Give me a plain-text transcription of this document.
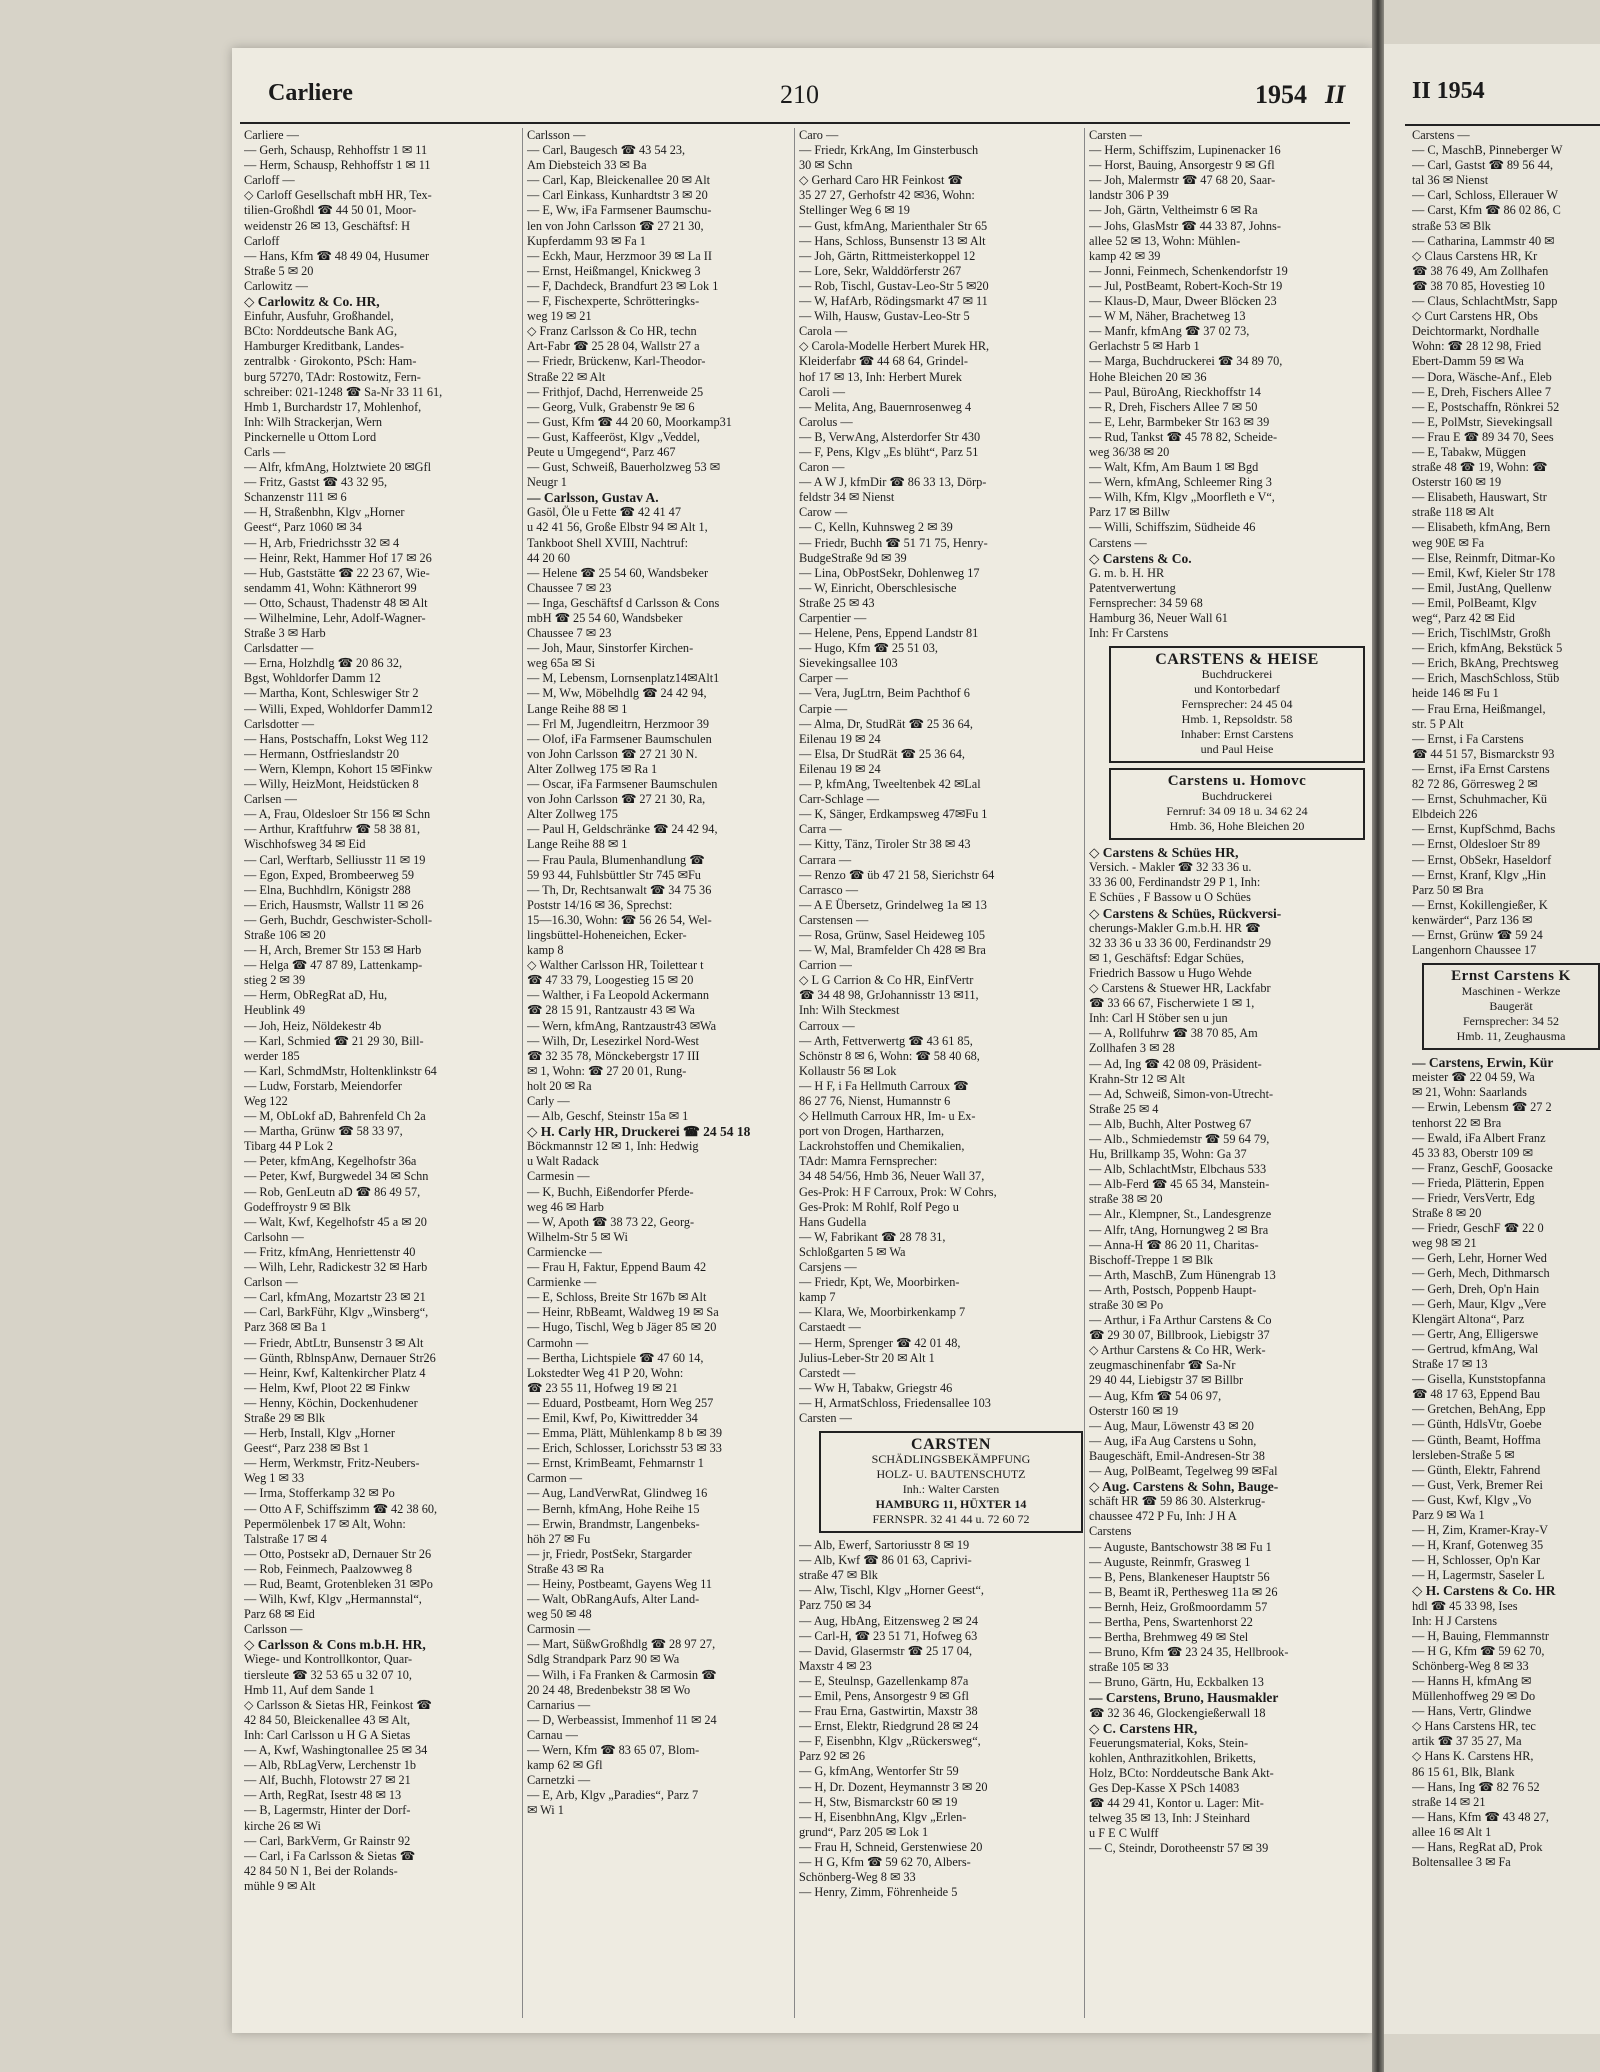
Carliere	210	1954 II	II 1954
Carliere —
— Gerh, Schausp, Rehhoffstr 1 ✉ 11
— Herm, Schausp, Rehhoffstr 1 ✉ 11
Carloff —
◇ Carloff Gesellschaft mbH HR, Tex-
tilien-Großhdl ☎ 44 50 01, Moor-
weidenstr 26 ✉ 13, Geschäftsf: H
Carloff
— Hans, Kfm ☎ 48 49 04, Husumer
Straße 5 ✉ 20
Carlowitz —
◇ Carlowitz & Co. HR,
Einfuhr, Ausfuhr, Großhandel,
BCto: Norddeutsche Bank AG,
Hamburger Kreditbank, Landes-
zentralbk · Girokonto, PSch: Ham-
burg 57270, TAdr: Rostowitz, Fern-
schreiber: 021-1248 ☎ Sa-Nr 33 11 61,
Hmb 1, Burchardstr 17, Mohlenhof,
Inh: Wilh Strackerjan, Wern
Pinckernelle u Ottom Lord
Carls —
— Alfr, kfmAng, Holztwiete 20 ✉Gfl
— Fritz, Gastst ☎ 43 32 95,
Schanzenstr 111 ✉ 6
— H, Straßenbhn, Klgv „Horner
Geest“, Parz 1060 ✉ 34
— H, Arb, Friedrichsstr 32 ✉ 4
— Heinr, Rekt, Hammer Hof 17 ✉ 26
— Hub, Gaststätte ☎ 22 23 67, Wie-
sendamm 41, Wohn: Käthnerort 99
— Otto, Schaust, Thadenstr 48 ✉ Alt
— Wilhelmine, Lehr, Adolf-Wagner-
Straße 3 ✉ Harb
Carlsdatter —
— Erna, Holzhdlg ☎ 20 86 32,
Bgst, Wohldorfer Damm 12
— Martha, Kont, Schleswiger Str 2
— Willi, Exped, Wohldorfer Damm12
Carlsdotter —
— Hans, Postschaffn, Lokst Weg 112
— Hermann, Ostfrieslandstr 20
— Wern, Klempn, Kohort 15 ✉Finkw
— Willy, HeizMont, Heidstücken 8
Carlsen —
— A, Frau, Oldesloer Str 156 ✉ Schn
— Arthur, Kraftfuhrw ☎ 58 38 81,
Wischhofsweg 34 ✉ Eid
— Carl, Werftarb, Selliusstr 11 ✉ 19
— Egon, Exped, Brombeerweg 59
— Elna, Buchhdlrn, Königstr 288
— Erich, Hausmstr, Wallstr 11 ✉ 26
— Gerh, Buchdr, Geschwister-Scholl-
Straße 106 ✉ 20
— H, Arch, Bremer Str 153 ✉ Harb
— Helga ☎ 47 87 89, Lattenkamp-
stieg 2 ✉ 39
— Herm, ObRegRat aD, Hu,
Heublink 49
— Joh, Heiz, Nöldekestr 4b
— Karl, Schmied ☎ 21 29 30, Bill-
werder 185
— Karl, SchmdMstr, Holtenklinkstr 64
— Ludw, Forstarb, Meiendorfer
Weg 122
— M, ObLokf aD, Bahrenfeld Ch 2a
— Martha, Grünw ☎ 58 33 97,
Tibarg 44 P Lok 2
— Peter, kfmAng, Kegelhofstr 36a
— Peter, Kwf, Burgwedel 34 ✉ Schn
— Rob, GenLeutn aD ☎ 86 49 57,
Godeffroystr 9 ✉ Blk
— Walt, Kwf, Kegelhofstr 45 a ✉ 20
Carlsohn —
— Fritz, kfmAng, Henriettenstr 40
— Wilh, Lehr, Radickestr 32 ✉ Harb
Carlson —
— Carl, kfmAng, Mozartstr 23 ✉ 21
— Carl, BarkFühr, Klgv „Winsberg“,
Parz 368 ✉ Ba 1
— Friedr, AbtLtr, Bunsenstr 3 ✉ Alt
— Günth, RblnspAnw, Dernauer Str26
— Heinr, Kwf, Kaltenkircher Platz 4
— Helm, Kwf, Ploot 22 ✉ Finkw
— Henny, Köchin, Dockenhudener
Straße 29 ✉ Blk
— Herb, Install, Klgv „Horner
Geest“, Parz 238 ✉ Bst 1
— Herm, Werkmstr, Fritz-Neubers-
Weg 1 ✉ 33
— Irma, Stofferkamp 32 ✉ Po
— Otto A F, Schiffszimm ☎ 42 38 60,
Pepermölenbek 17 ✉ Alt, Wohn:
Talstraße 17 ✉ 4
— Otto, Postsekr aD, Dernauer Str 26
— Rob, Feinmech, Paalzowweg 8
— Rud, Beamt, Grotenbleken 31 ✉Po
— Wilh, Kwf, Klgv „Hermannstal“,
Parz 68 ✉ Eid
Carlsson —
◇ Carlsson & Cons m.b.H. HR,
Wiege- und Kontrollkontor, Quar-
tiersleute ☎ 32 53 65 u 32 07 10,
Hmb 11, Auf dem Sande 1
◇ Carlsson & Sietas HR, Feinkost ☎
42 84 50, Bleickenallee 43 ✉ Alt,
Inh: Carl Carlsson u H G A Sietas
— A, Kwf, Washingtonallee 25 ✉ 34
— Alb, RbLagVerw, Lerchenstr 1b
— Alf, Buchh, Flotowstr 27 ✉ 21
— Arth, RegRat, Isestr 48 ✉ 13
— B, Lagermstr, Hinter der Dorf-
kirche 26 ✉ Wi
— Carl, BarkVerm, Gr Rainstr 92
— Carl, i Fa Carlsson & Sietas ☎
42 84 50 N 1, Bei der Rolands-
mühle 9 ✉ Alt
Carlsson —
— Carl, Baugesch ☎ 43 54 23,
Am Diebsteich 33 ✉ Ba
— Carl, Kap, Bleickenallee 20 ✉ Alt
— Carl Einkass, Kunhardtstr 3 ✉ 20
— E, Ww, iFa Farmsener Baumschu-
len von John Carlsson ☎ 27 21 30,
Kupferdamm 93 ✉ Fa 1
— Eckh, Maur, Herzmoor 39 ✉ La II
— Ernst, Heißmangel, Knickweg 3
— F, Dachdeck, Brandfurt 23 ✉ Lok 1
— F, Fischexperte, Schrötteringks-
weg 19 ✉ 21
◇ Franz Carlsson & Co HR, techn
Art-Fabr ☎ 25 28 04, Wallstr 27 a
— Friedr, Brückenw, Karl-Theodor-
Straße 22 ✉ Alt
— Frithjof, Dachd, Herrenweide 25
— Georg, Vulk, Grabenstr 9e ✉ 6
— Gust, Kfm ☎ 44 20 60, Moorkamp31
— Gust, Kaffeeröst, Klgv „Veddel,
Peute u Umgegend“, Parz 467
— Gust, Schweiß, Bauerholzweg 53 ✉
Neugr 1
— Carlsson, Gustav A.
Gasöl, Öle u Fette ☎ 42 41 47
u 42 41 56, Große Elbstr 94 ✉ Alt 1,
Tankboot Shell XVIII, Nachtruf:
44 20 60
— Helene ☎ 25 54 60, Wandsbeker
Chaussee 7 ✉ 23
— Inga, Geschäftsf d Carlsson & Cons
mbH ☎ 25 54 60, Wandsbeker
Chaussee 7 ✉ 23
— Joh, Maur, Sinstorfer Kirchen-
weg 65a ✉ Si
— M, Lebensm, Lornsenplatz14✉Alt1
— M, Ww, Möbelhdlg ☎ 24 42 94,
Lange Reihe 88 ✉ 1
— Frl M, Jugendleitrn, Herzmoor 39
— Olof, iFa Farmsener Baumschulen
von John Carlsson ☎ 27 21 30 N.
Alter Zollweg 175 ✉ Ra 1
— Oscar, iFa Farmsener Baumschulen
von John Carlsson ☎ 27 21 30, Ra,
Alter Zollweg 175
— Paul H, Geldschränke ☎ 24 42 94,
Lange Reihe 88 ✉ 1
— Frau Paula, Blumenhandlung ☎
59 93 44, Fuhlsbüttler Str 745 ✉Fu
— Th, Dr, Rechtsanwalt ☎ 34 75 36
Poststr 14/16 ✉ 36, Sprechst:
15—16.30, Wohn: ☎ 56 26 54, Wel-
lingsbüttel-Hoheneichen, Ecker-
kamp 8
◇ Walther Carlsson HR, Toilettear t
☎ 47 33 79, Loogestieg 15 ✉ 20
— Walther, i Fa Leopold Ackermann
☎ 28 15 91, Rantzaustr 43 ✉ Wa
— Wern, kfmAng, Rantzaustr43 ✉Wa
— Wilh, Dr, Lesezirkel Nord-West
☎ 32 35 78, Mönckebergstr 17 III
✉ 1, Wohn: ☎ 27 20 01, Rung-
holt 20 ✉ Ra
Carly —
— Alb, Geschf, Steinstr 15a ✉ 1
◇ H. Carly HR, Druckerei ☎ 24 54 18
Böckmannstr 12 ✉ 1, Inh: Hedwig
u Walt Radack
Carmesin —
— K, Buchh, Eißendorfer Pferde-
weg 46 ✉ Harb
— W, Apoth ☎ 38 73 22, Georg-
Wilhelm-Str 5 ✉ Wi
Carmiencke —
— Frau H, Faktur, Eppend Baum 42
Carmienke —
— E, Schloss, Breite Str 167b ✉ Alt
— Heinr, RbBeamt, Waldweg 19 ✉ Sa
— Hugo, Tischl, Weg b Jäger 85 ✉ 20
Carmohn —
— Bertha, Lichtspiele ☎ 47 60 14,
Lokstedter Weg 41 P 20, Wohn:
☎ 23 55 11, Hofweg 19 ✉ 21
— Eduard, Postbeamt, Horn Weg 257
— Emil, Kwf, Po, Kiwittredder 34
— Emma, Plätt, Mühlenkamp 8 b ✉ 39
— Erich, Schlosser, Lorichsstr 53 ✉ 33
— Ernst, KrimBeamt, Fehmarnstr 1
Carmon —
— Aug, LandVerwRat, Glindweg 16
— Bernh, kfmAng, Hohe Reihe 15
— Erwin, Brandmstr, Langenbeks-
höh 27 ✉ Fu
— jr, Friedr, PostSekr, Stargarder
Straße 43 ✉ Ra
— Heiny, Postbeamt, Gayens Weg 11
— Walt, ObRangAufs, Alter Land-
weg 50 ✉ 48
Carmosin —
— Mart, SüßwGroßhdlg ☎ 28 97 27,
Sdlg Strandpark Parz 90 ✉ Wa
— Wilh, i Fa Franken & Carmosin ☎
20 24 48, Bredenbekstr 38 ✉ Wo
Carnarius —
— D, Werbeassist, Immenhof 11 ✉ 24
Carnau —
— Wern, Kfm ☎ 83 65 07, Blom-
kamp 62 ✉ Gfl
Carnetzki —
— E, Arb, Klgv „Paradies“, Parz 7
✉ Wi 1
Caro —
— Friedr, KrkAng, Im Ginsterbusch
30 ✉ Schn
◇ Gerhard Caro HR Feinkost ☎
35 27 27, Gerhofstr 42 ✉36, Wohn:
Stellinger Weg 6 ✉ 19
— Gust, kfmAng, Marienthaler Str 65
— Hans, Schloss, Bunsenstr 13 ✉ Alt
— Joh, Gärtn, Rittmeisterkoppel 12
— Lore, Sekr, Walddörferstr 267
— Rob, Tischl, Gustav-Leo-Str 5 ✉20
— W, HafArb, Rödingsmarkt 47 ✉ 11
— Wilh, Hausw, Gustav-Leo-Str 5
Carola —
◇ Carola-Modelle Herbert Murek HR,
Kleiderfabr ☎ 44 68 64, Grindel-
hof 17 ✉ 13, Inh: Herbert Murek
Caroli —
— Melita, Ang, Bauernrosenweg 4
Carolus —
— B, VerwAng, Alsterdorfer Str 430
— F, Pens, Klgv „Es blüht“, Parz 51
Caron —
— A W J, kfmDir ☎ 86 33 13, Dörp-
feldstr 34 ✉ Nienst
Carow —
— C, Kelln, Kuhnsweg 2 ✉ 39
— Friedr, Buchh ☎ 51 71 75, Henry-
BudgeStraße 9d ✉ 39
— Lina, ObPostSekr, Dohlenweg 17
— W, Einricht, Oberschlesische
Straße 25 ✉ 43
Carpentier —
— Helene, Pens, Eppend Landstr 81
— Hugo, Kfm ☎ 25 51 03,
Sievekingsallee 103
Carper —
— Vera, JugLtrn, Beim Pachthof 6
Carpie —
— Alma, Dr, StudRät ☎ 25 36 64,
Eilenau 19 ✉ 24
— Elsa, Dr StudRät ☎ 25 36 64,
Eilenau 19 ✉ 24
— P, kfmAng, Tweeltenbek 42 ✉Lal
Carr-Schlage —
— K, Sänger, Erdkampsweg 47✉Fu 1
Carra —
— Kitty, Tänz, Tiroler Str 38 ✉ 43
Carrara —
— Renzo ☎ üb 47 21 58, Sierichstr 64
Carrasco —
— A E Übersetz, Grindelweg 1a ✉ 13
Carstensen —
— Rosa, Grünw, Sasel Heideweg 105
— W, Mal, Bramfelder Ch 428 ✉ Bra
Carrion —
◇ L G Carrion & Co HR, EinfVertr
☎ 34 48 98, GrJohannisstr 13 ✉11,
Inh: Wilh Steckmest
Carroux —
— Arth, Fettverwertg ☎ 43 61 85,
Schönstr 8 ✉ 6, Wohn: ☎ 58 40 68,
Kollaustr 56 ✉ Lok
— H F, i Fa Hellmuth Carroux ☎
86 27 76, Nienst, Humannstr 6
◇ Hellmuth Carroux HR, Im- u Ex-
port von Drogen, Hartharzen,
Lackrohstoffen und Chemikalien,
TAdr: Mamra Fernsprecher:
34 48 54/56, Hmb 36, Neuer Wall 37,
Ges-Prok: H F Carroux, Prok: W Cohrs,
Ges-Prok: M Rohlf, Rolf Pego u
Hans Gudella
— W, Fabrikant ☎ 28 78 31,
Schloßgarten 5 ✉ Wa
Carsjens —
— Friedr, Kpt, We, Moorbirken-
kamp 7
— Klara, We, Moorbirkenkamp 7
Carstaedt —
— Herm, Sprenger ☎ 42 01 48,
Julius-Leber-Str 20 ✉ Alt 1
Carstedt —
— Ww H, Tabakw, Griegstr 46
— H, ArmatSchloss, Friedensallee 103
Carsten —
CARSTEN
SCHÄDLINGSBEKÄMPFUNG
HOLZ- U. BAUTENSCHUTZ
Inh.: Walter Carsten
HAMBURG 11, HÜXTER 14
FERNSPR. 32 41 44 u. 72 60 72
— Alb, Ewerf, Sartoriusstr 8 ✉ 19
— Alb, Kwf ☎ 86 01 63, Caprivi-
straße 47 ✉ Blk
— Alw, Tischl, Klgv „Horner Geest“,
Parz 750 ✉ 34
— Aug, HbAng, Eitzensweg 2 ✉ 24
— Carl-H, ☎ 23 51 71, Hofweg 63
— David, Glasermstr ☎ 25 17 04,
Maxstr 4 ✉ 23
— E, Steulnsp, Gazellenkamp 87a
— Emil, Pens, Ansorgestr 9 ✉ Gfl
— Frau Erna, Gastwirtin, Maxstr 38
— Ernst, Elektr, Riedgrund 28 ✉ 24
— F, Eisenbhn, Klgv „Rückersweg“,
Parz 92 ✉ 26
— G, kfmAng, Wentorfer Str 59
— H, Dr. Dozent, Heymannstr 3 ✉ 20
— H, Stw, Bismarckstr 60 ✉ 19
— H, EisenbhnAng, Klgv „Erlen-
grund“, Parz 205 ✉ Lok 1
— Frau H, Schneid, Gerstenwiese 20
— H G, Kfm ☎ 59 62 70, Albers-
Schönberg-Weg 8 ✉ 33
— Henry, Zimm, Föhrenheide 5
Carsten —
— Herm, Schiffszim, Lupinenacker 16
— Horst, Bauing, Ansorgestr 9 ✉ Gfl
— Joh, Malermstr ☎ 47 68 20, Saar-
landstr 306 P 39
— Joh, Gärtn, Veltheimstr 6 ✉ Ra
— Johs, GlasMstr ☎ 44 33 87, Johns-
allee 52 ✉ 13, Wohn: Mühlen-
kamp 42 ✉ 39
— Jonni, Feinmech, Schenkendorfstr 19
— Jul, PostBeamt, Robert-Koch-Str 19
— Klaus-D, Maur, Dweer Blöcken 23
— W M, Näher, Brachetweg 13
— Manfr, kfmAng ☎ 37 02 73,
Gerlachstr 5 ✉ Harb 1
— Marga, Buchdruckerei ☎ 34 89 70,
Hohe Bleichen 20 ✉ 36
— Paul, BüroAng, Rieckhoffstr 14
— R, Dreh, Fischers Allee 7 ✉ 50
— E, Lehr, Barmbeker Str 163 ✉ 39
— Rud, Tankst ☎ 45 78 82, Scheide-
weg 36/38 ✉ 20
— Walt, Kfm, Am Baum 1 ✉ Bgd
— Wern, kfmAng, Schleemer Ring 3
— Wilh, Kfm, Klgv „Moorfleth e V“,
Parz 17 ✉ Billw
— Willi, Schiffszim, Südheide 46
Carstens —
◇ Carstens & Co.
G. m. b. H. HR
Patentverwertung
Fernsprecher: 34 59 68
Hamburg 36, Neuer Wall 61
Inh: Fr Carstens
CARSTENS & HEISE
Buchdruckerei
und Kontorbedarf
Fernsprecher: 24 45 04
Hmb. 1, Repsoldstr. 58
Inhaber: Ernst Carstens
und Paul Heise
Carstens u. Homovc
Buchdruckerei
Fernruf: 34 09 18 u. 34 62 24
Hmb. 36, Hohe Bleichen 20
◇ Carstens & Schües HR,
Versich. - Makler ☎ 32 33 36 u.
33 36 00, Ferdinandstr 29 P 1, Inh:
E Schües , F Bassow u O Schües
◇ Carstens & Schües, Rückversi-
cherungs-Makler G.m.b.H. HR ☎
32 33 36 u 33 36 00, Ferdinandstr 29
✉ 1, Geschäftsf: Edgar Schües,
Friedrich Bassow u Hugo Wehde
◇ Carstens & Stuewer HR, Lackfabr
☎ 33 66 67, Fischerwiete 1 ✉ 1,
Inh: Carl H Stöber sen u jun
— A, Rollfuhrw ☎ 38 70 85, Am
Zollhafen 3 ✉ 28
— Ad, Ing ☎ 42 08 09, Präsident-
Krahn-Str 12 ✉ Alt
— Ad, Schweiß, Simon-von-Utrecht-
Straße 25 ✉ 4
— Alb, Buchh, Alter Postweg 67
— Alb., Schmiedemstr ☎ 59 64 79,
Hu, Brillkamp 35, Wohn: Ga 37
— Alb, SchlachtMstr, Elbchaus 533
— Alb-Ferd ☎ 45 65 34, Manstein-
straße 38 ✉ 20
— Alr., Klempner, St., Landesgrenze
— Alfr, tAng, Hornungweg 2 ✉ Bra
— Anna-H ☎ 86 20 11, Charitas-
Bischoff-Treppe 1 ✉ Blk
— Arth, MaschB, Zum Hünengrab 13
— Arth, Postsch, Poppenb Haupt-
straße 30 ✉ Po
— Arthur, i Fa Arthur Carstens & Co
☎ 29 30 07, Billbrook, Liebigstr 37
◇ Arthur Carstens & Co HR, Werk-
zeugmaschinenfabr ☎ Sa-Nr
29 40 44, Liebigstr 37 ✉ Billbr
— Aug, Kfm ☎ 54 06 97,
Osterstr 160 ✉ 19
— Aug, Maur, Löwenstr 43 ✉ 20
— Aug, iFa Aug Carstens u Sohn,
Baugeschäft, Emil-Andresen-Str 38
— Aug, PolBeamt, Tegelweg 99 ✉Fal
◇ Aug. Carstens & Sohn, Bauge-
schäft HR ☎ 59 86 30. Alsterkrug-
chaussee 472 P Fu, Inh: J H A
Carstens
— Auguste, Bantschowstr 38 ✉ Fu 1
— Auguste, Reinmfr, Grasweg 1
— B, Pens, Blankeneser Hauptstr 56
— B, Beamt iR, Perthesweg 11a ✉ 26
— Bernh, Heiz, Großmoordamm 57
— Bertha, Pens, Swartenhorst 22
— Bertha, Brehmweg 49 ✉ Stel
— Bruno, Kfm ☎ 23 24 35, Hellbrook-
straße 105 ✉ 33
— Bruno, Gärtn, Hu, Eckbalken 13
— Carstens, Bruno, Hausmakler
☎ 32 36 46, Glockengießerwall 18
◇ C. Carstens HR,
Feuerungsmaterial, Koks, Stein-
kohlen, Anthrazitkohlen, Briketts,
Holz, BCto: Norddeutsche Bank Akt-
Ges Dep-Kasse X PSch 14083
☎ 44 29 41, Kontor u. Lager: Mit-
telweg 35 ✉ 13, Inh: J Steinhard
u F E C Wulff
— C, Steindr, Dorotheenstr 57 ✉ 39
Carstens —
— C, MaschB, Pinneberger W
— Carl, Gastst ☎ 89 56 44,
tal 36 ✉ Nienst
— Carl, Schloss, Ellerauer W
— Carst, Kfm ☎ 86 02 86, C
straße 53 ✉ Blk
— Catharina, Lammstr 40 ✉
◇ Claus Carstens HR, Kr
☎ 38 76 49, Am Zollhafen
☎ 38 70 85, Hovestieg 10
— Claus, SchlachtMstr, Sapp
◇ Curt Carstens HR, Obs
Deichtormarkt, Nordhalle
Wohn: ☎ 28 12 98, Fried
Ebert-Damm 59 ✉ Wa
— Dora, Wäsche-Anf., Eleb
— E, Dreh, Fischers Allee 7
— E, Postschaffn, Rönkrei 52
— E, PolMstr, Sievekingsall
— Frau E ☎ 89 34 70, Sees
— E, Tabakw, Müggen
straße 48 ☎ 19, Wohn: ☎
Osterstr 160 ✉ 19
— Elisabeth, Hauswart, Str
straße 118 ✉ Alt
— Elisabeth, kfmAng, Bern
weg 90E ✉ Fa
— Else, Reinmfr, Ditmar-Ko
— Emil, Kwf, Kieler Str 178
— Emil, JustAng, Quellenw
— Emil, PolBeamt, Klgv
weg“, Parz 42 ✉ Eid
— Erich, TischlMstr, Großh
— Erich, kfmAng, Bekstück 5
— Erich, BkAng, Prechtsweg
— Erich, MaschSchloss, Stüb
heide 146 ✉ Fu 1
— Frau Erna, Heißmangel,
str. 5 P Alt
— Ernst, i Fa Carstens
☎ 44 51 57, Bismarckstr 93
— Ernst, iFa Ernst Carstens
82 72 86, Görresweg 2 ✉
— Ernst, Schuhmacher, Kü
Elbdeich 226
— Ernst, KupfSchmd, Bachs
— Ernst, Oldesloer Str 89
— Ernst, ObSekr, Haseldorf
— Ernst, Kranf, Klgv „Hin
Parz 50 ✉ Bra
— Ernst, Kokillengießer, K
kenwärder“, Parz 136 ✉
— Ernst, Grünw ☎ 59 24
Langenhorn Chaussee 17
Ernst Carstens K
Maschinen - Werkze
Baugerät
Fernsprecher: 34 52
Hmb. 11, Zeughausma
— Carstens, Erwin, Kür
meister ☎ 22 04 59, Wa
✉ 21, Wohn: Saarlands
— Erwin, Lebensm ☎ 27 2
tenhorst 22 ✉ Bra
— Ewald, iFa Albert Franz
45 33 83, Oberstr 109 ✉
— Franz, GeschF, Goosacke
— Frieda, Plätterin, Eppen
— Friedr, VersVertr, Edg
Straße 8 ✉ 20
— Friedr, GeschF ☎ 22 0
weg 98 ✉ 21
— Gerh, Lehr, Horner Wed
— Gerh, Mech, Dithmarsch
— Gerh, Dreh, Op'n Hain
— Gerh, Maur, Klgv „Vere
Klengärt Altona“, Parz
— Gertr, Ang, Elligerswe
— Gertrud, kfmAng, Wal
Straße 17 ✉ 13
— Gisella, Kunststopfanna
☎ 48 17 63, Eppend Bau
— Gretchen, BehAng, Epp
— Günth, HdlsVtr, Goebe
— Günth, Beamt, Hoffma
lersleben-Straße 5 ✉
— Günth, Elektr, Fahrend
— Gust, Verk, Bremer Rei
— Gust, Kwf, Klgv „Vo
Parz 9 ✉ Wa 1
— H, Zim, Kramer-Kray-V
— H, Kranf, Gotenweg 35
— H, Schlosser, Op'n Kar
— H, Lagermstr, Saseler L
◇ H. Carstens & Co. HR
hdl ☎ 45 33 98, Ises
Inh: H J Carstens
— H, Bauing, Flemmannstr
— H G, Kfm ☎ 59 62 70,
Schönberg-Weg 8 ✉ 33
— Hanns H, kfmAng ✉
Müllenhoffweg 29 ✉ Do
— Hans, Vertr, Glindwe
◇ Hans Carstens HR, tec
artik ☎ 37 35 27, Ma
◇ Hans K. Carstens HR,
86 15 61, Blk, Blank
— Hans, Ing ☎ 82 76 52
straße 14 ✉ 21
— Hans, Kfm ☎ 43 48 27,
allee 16 ✉ Alt 1
— Hans, RegRat aD, Prok
Boltensallee 3 ✉ Fa
